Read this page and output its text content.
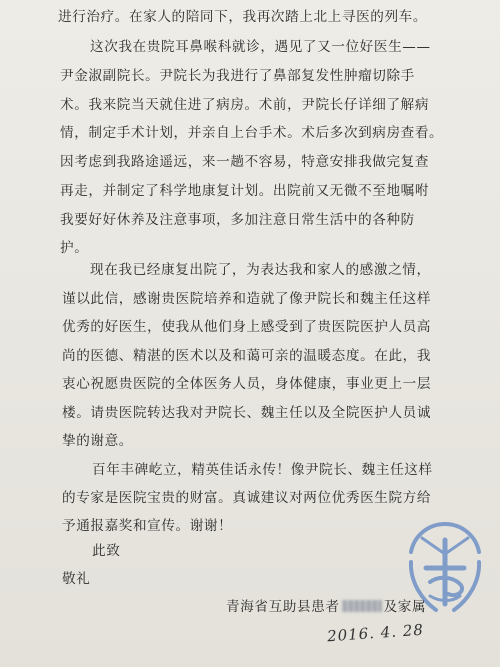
进行治疗。在家人的陪同下，我再次踏上北上寻医的列车。
这次我在贵院耳鼻喉科就诊，遇见了又一位好医生——
尹金淑副院长。尹院长为我进行了鼻部复发性肿瘤切除手
术。我来院当天就住进了病房。术前，尹院长仔详细了解病
情，制定手术计划，并亲自上台手术。术后多次到病房查看。
因考虑到我路途遥远，来一趟不容易，特意安排我做完复查
再走，并制定了科学地康复计划。出院前又无微不至地嘱咐
我要好好休养及注意事项，多加注意日常生活中的各种防
护。
现在我已经康复出院了，为表达我和家人的感激之情，
谨以此信，感谢贵医院培养和造就了像尹院长和魏主任这样
优秀的好医生，使我从他们身上感受到了贵医院医护人员高
尚的医德、精湛的医术以及和蔼可亲的温暖态度。在此，我
衷心祝愿贵医院的全体医务人员，身体健康，事业更上一层
楼。请贵医院转达我对尹院长、魏主任以及全院医护人员诚
挚的谢意。
百年丰碑屹立，精英佳话永传！像尹院长、魏主任这样
的专家是医院宝贵的财富。真诚建议对两位优秀医生院方给
予通报嘉奖和宣传。谢谢！
此致
敬礼
青海省互助县患者	及家属
2016. 4. 28
